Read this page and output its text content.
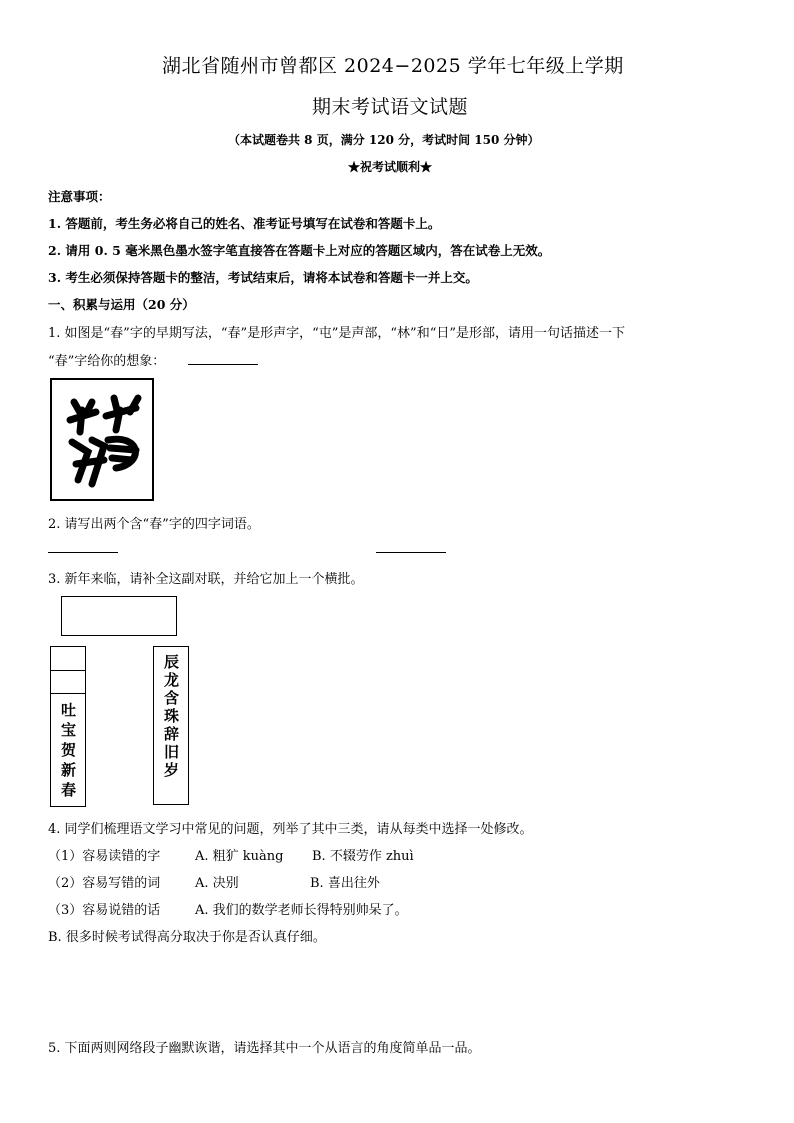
湖北省随州市曾都区 2024−2025 学年七年级上学期
期末考试语文试题
（本试题卷共 8 页，满分 120 分，考试时间 150 分钟）
★祝考试顺利★
注意事项：
1. 答题前，考生务必将自己的姓名、准考证号填写在试卷和答题卡上。
2. 请用 0. 5 毫米黑色墨水签字笔直接答在答题卡上对应的答题区域内，答在试卷上无效。
3. 考生必须保持答题卡的整洁，考试结束后，请将本试卷和答题卡一并上交。
一、积累与运用（20 分）
1. 如图是“春”字的早期写法，“春”是形声字，“屯”是声部，“林”和“日”是形部，请用一句话描述一下
“春”字给你的想象：
2. 请写出两个含“春”字的四字词语。
3. 新年来临，请补全这副对联，并给它加上一个横批。
吐宝贺新春	辰龙含珠辞旧岁
4. 同学们梳理语文学习中常见的问题，列举了其中三类，请从每类中选择一处修改。
（1）容易读错的字	A. 粗犷 kuàng B. 不辍劳作 zhuì
（2）容易写错的词	A. 决别	B. 喜出往外
（3）容易说错的话	A. 我们的数学老师长得特别帅呆了。
B. 很多时候考试得高分取决于你是否认真仔细。
5. 下面两则网络段子幽默诙谐，请选择其中一个从语言的角度简单品一品。
